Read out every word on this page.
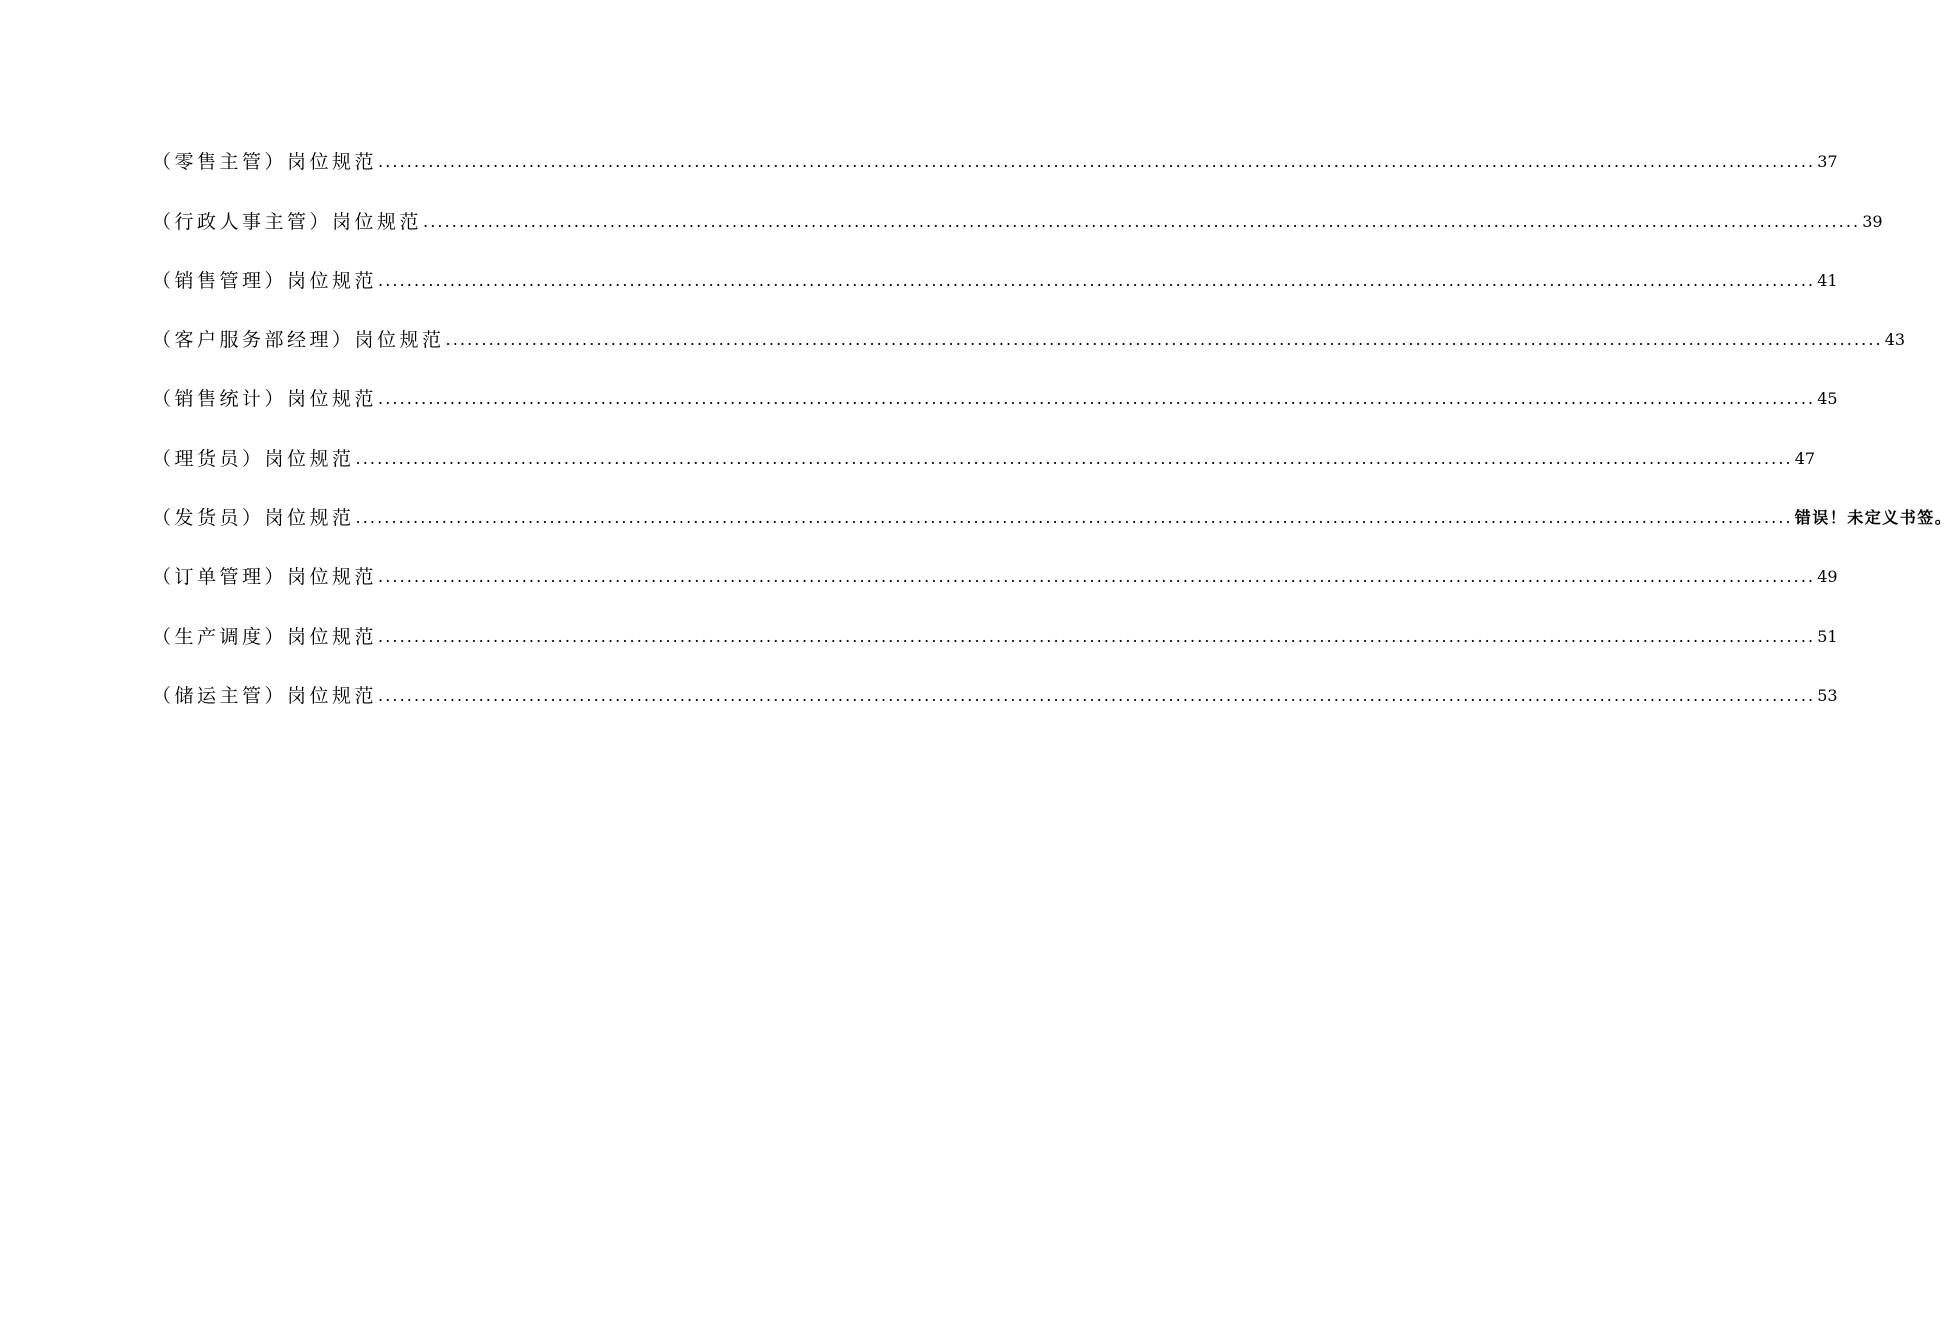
（零售主管）岗位规范 ........................................................................................................................................................................................................ 37
（行政人事主管）岗位规范 ........................................................................................................................................................................................................ 39
（销售管理）岗位规范 ........................................................................................................................................................................................................ 41
（客户服务部经理）岗位规范 ........................................................................................................................................................................................................ 43
（销售统计）岗位规范 ........................................................................................................................................................................................................ 45
（理货员）岗位规范 ........................................................................................................................................................................................................ 47
（发货员）岗位规范 ........................................................................................................................................................................................................ 错误！未定义书签。
（订单管理）岗位规范 ........................................................................................................................................................................................................ 49
（生产调度）岗位规范 ........................................................................................................................................................................................................ 51
（储运主管）岗位规范 ........................................................................................................................................................................................................ 53
